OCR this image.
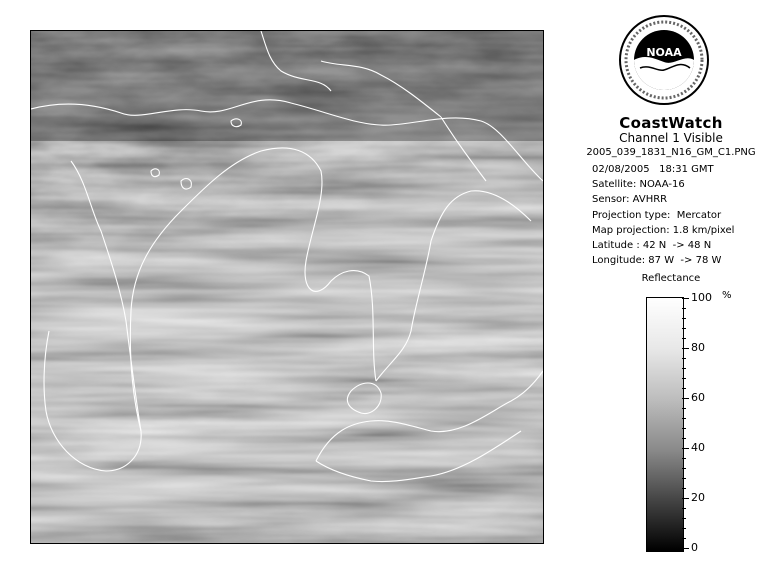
NOAA
CoastWatch
Channel 1 Visible
2005_039_1831_N16_GM_C1.PNG
02/08/2005   18:31 GMT
Satellite: NOAA-16
Sensor: AVHRR
Projection type:  Mercator
Map projection: 1.8 km/pixel
Latitude : 42 N  -> 48 N
Longitude: 87 W  -> 78 W
Reflectance
%
100
80
60
40
20
0
